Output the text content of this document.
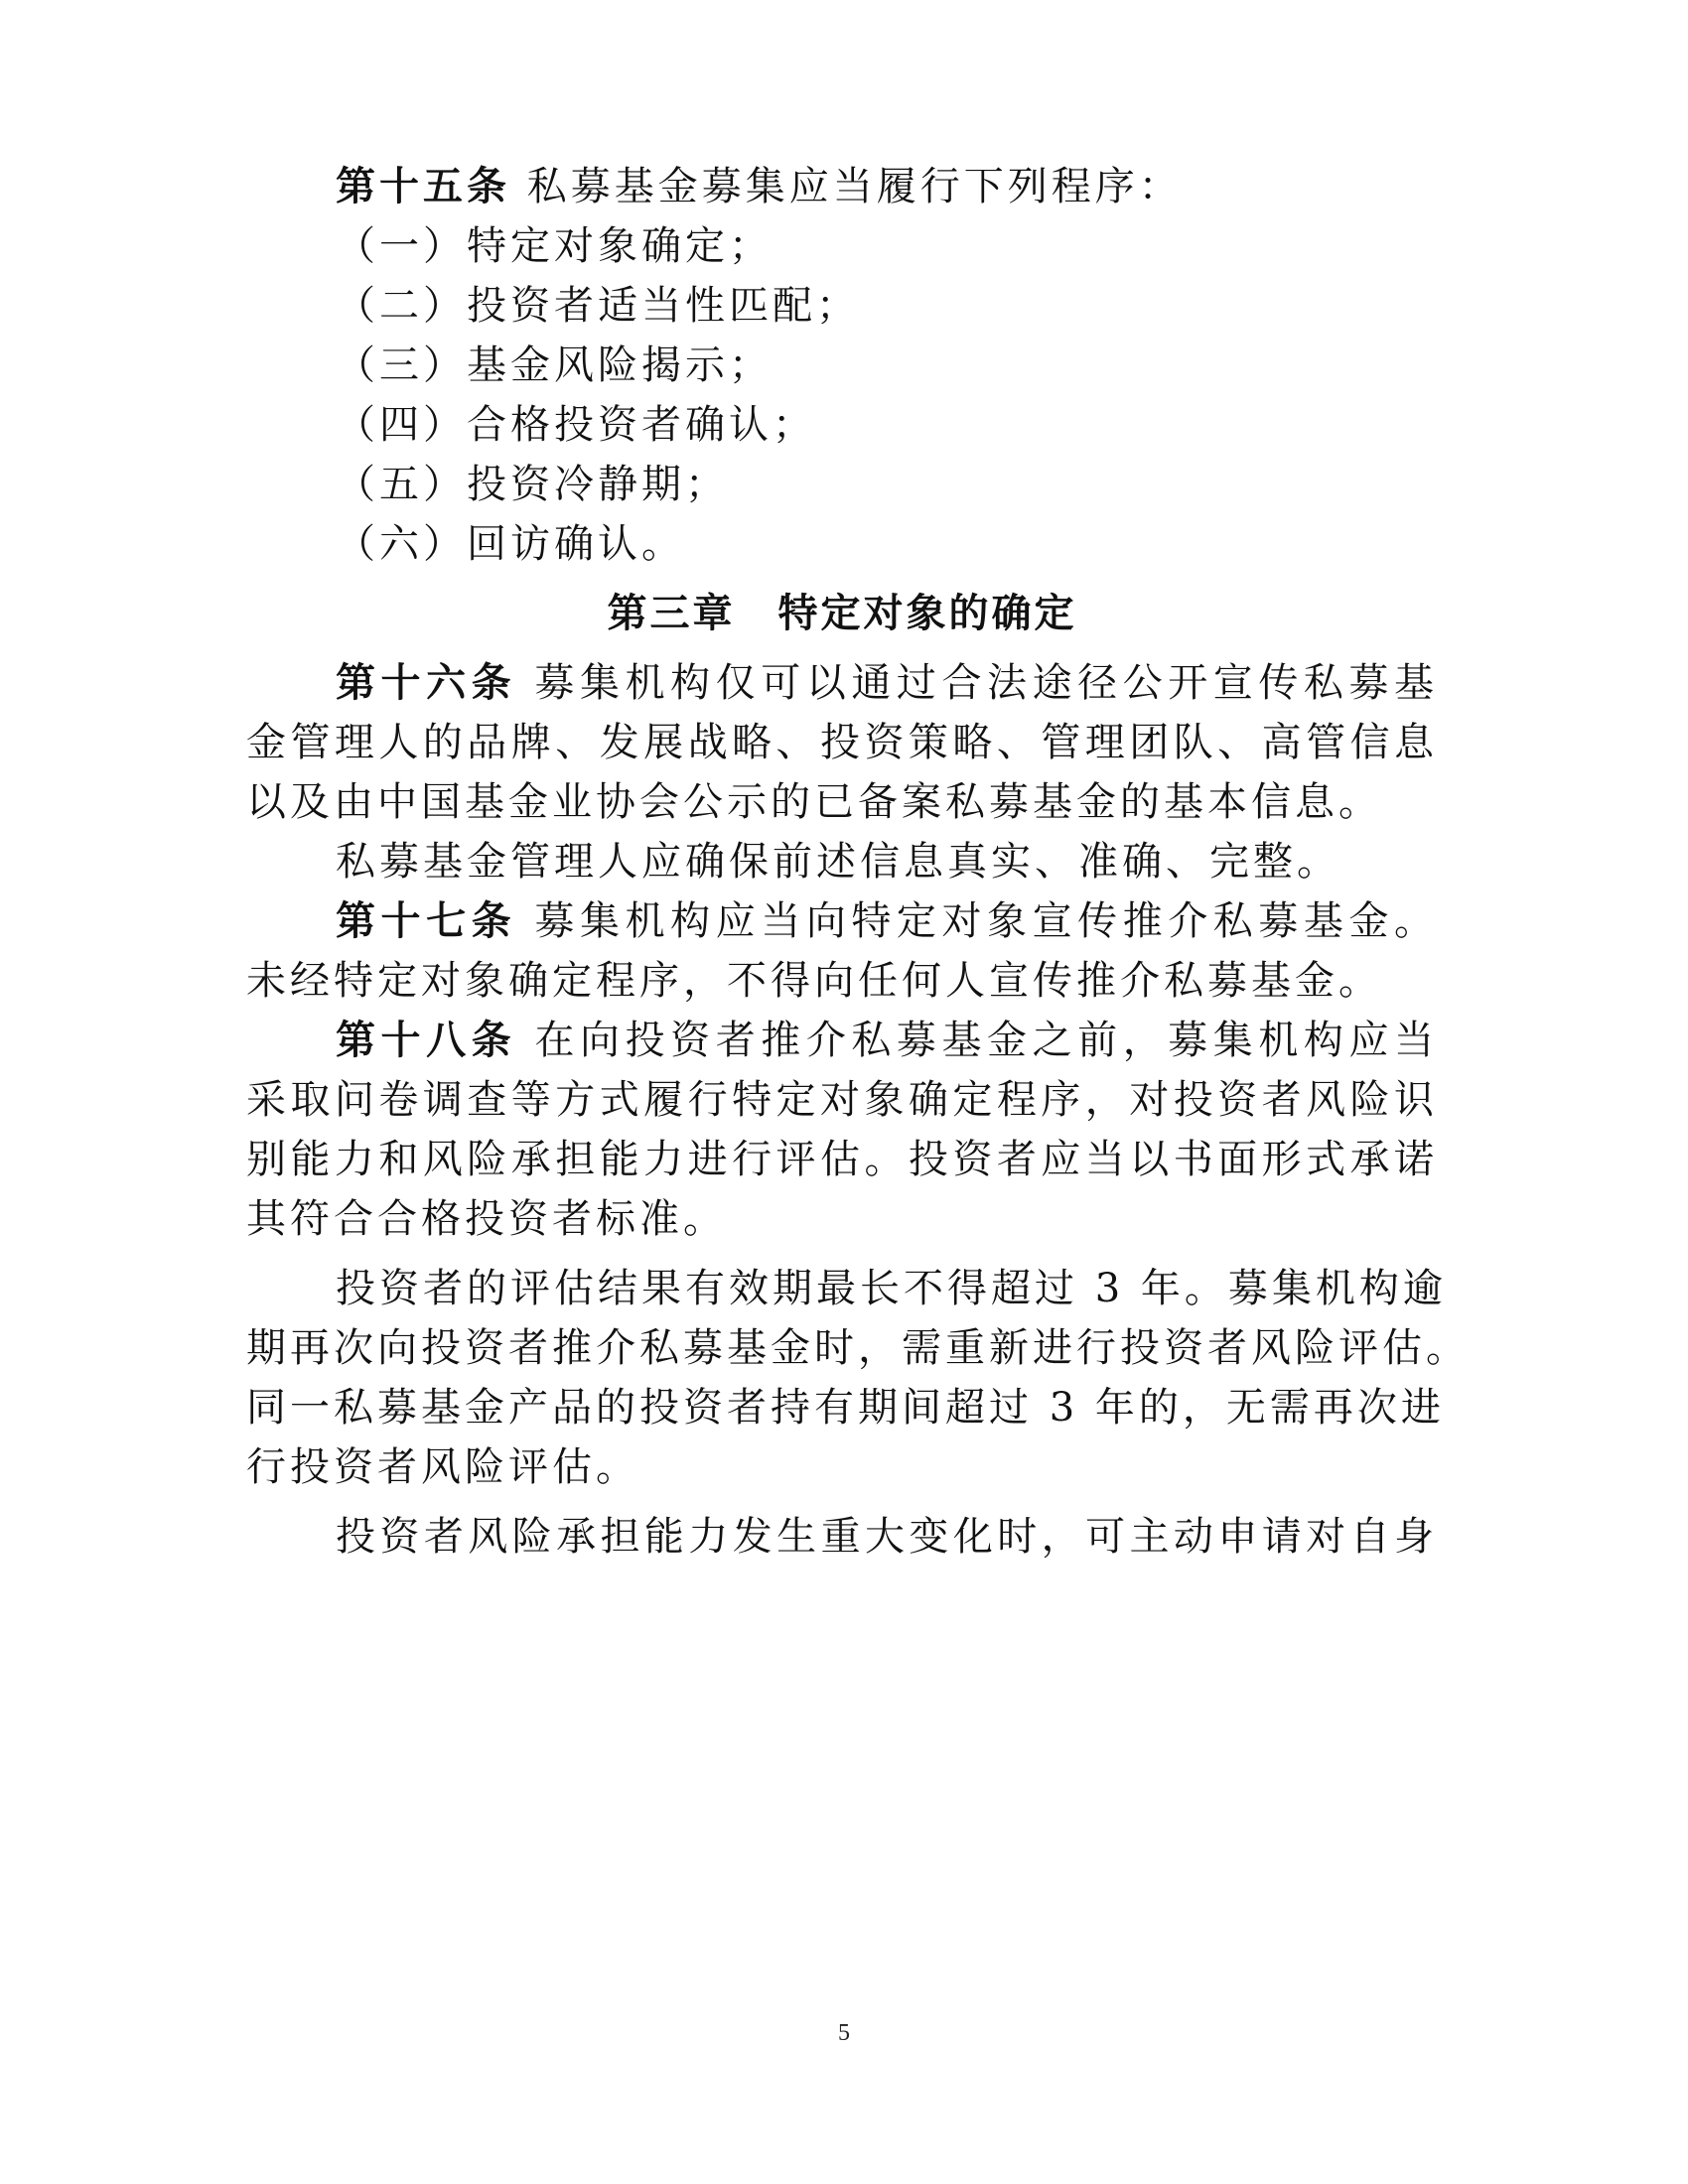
第十五条 私募基金募集应当履行下列程序：
（一）特定对象确定；
（二）投资者适当性匹配；
（三）基金风险揭示；
（四）合格投资者确认；
（五）投资冷静期；
（六）回访确认。
第三章　特定对象的确定
第十六条 募集机构仅可以通过合法途径公开宣传私募基
金管理人的品牌、发展战略、投资策略、管理团队、高管信息
以及由中国基金业协会公示的已备案私募基金的基本信息。
私募基金管理人应确保前述信息真实、准确、完整。
第十七条 募集机构应当向特定对象宣传推介私募基金。
未经特定对象确定程序，不得向任何人宣传推介私募基金。
第十八条 在向投资者推介私募基金之前，募集机构应当
采取问卷调查等方式履行特定对象确定程序，对投资者风险识
别能力和风险承担能力进行评估。投资者应当以书面形式承诺
其符合合格投资者标准。
投资者的评估结果有效期最长不得超过 3 年。募集机构逾
期再次向投资者推介私募基金时，需重新进行投资者风险评估。
同一私募基金产品的投资者持有期间超过 3 年的，无需再次进
行投资者风险评估。
投资者风险承担能力发生重大变化时，可主动申请对自身
5
